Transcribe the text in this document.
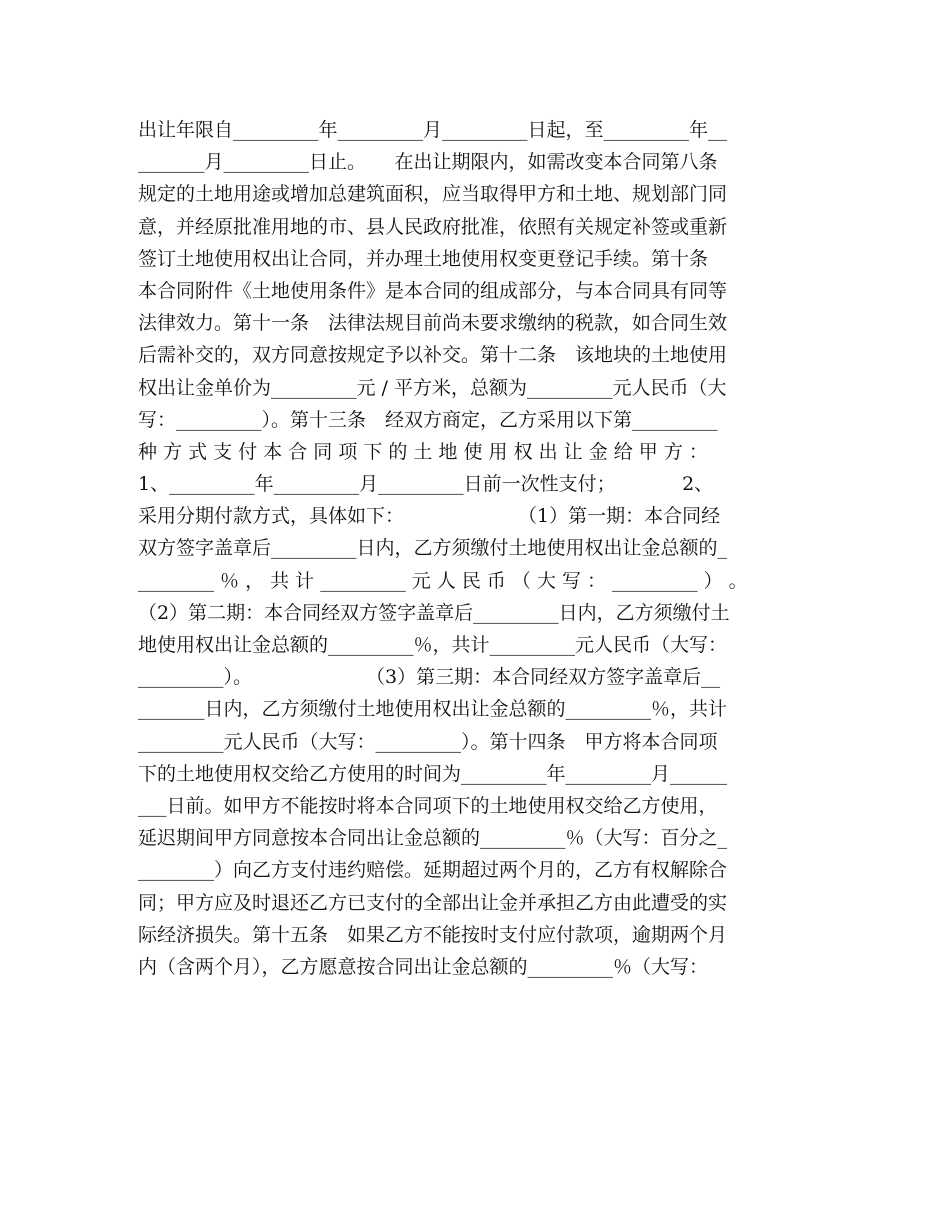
出让年限自_________年_________月_________日起，至_________年__
_______月_________日止。　　在出让期限内，如需改变本合同第八条
规定的土地用途或增加总建筑面积，应当取得甲方和土地、规划部门同
意，并经原批准用地的市、县人民政府批准，依照有关规定补签或重新
签订土地使用权出让合同，并办理土地使用权变更登记手续。第十条
本合同附件《土地使用条件》是本合同的组成部分，与本合同具有同等
法律效力。第十一条　法律法规目前尚未要求缴纳的税款，如合同生效
后需补交的，双方同意按规定予以补交。第十二条　该地块的土地使用
权出让金单价为_________元 / 平方米，总额为_________元人民币（大
写：_________）。第十三条　经双方商定，乙方采用以下第_________
种 方 式 支 付 本 合 同 项 下 的 土 地 使 用 权 出 让 金 给 甲 方 ：
1、_________年_________月_________日前一次性支付；　　　　2、
采用分期付款方式，具体如下：　　　　　　　（1）第一期：本合同经
双方签字盖章后_________日内，乙方须缴付土地使用权出让金总额的_
________ ％ ， 共 计 _________ 元 人 民 币 （ 大 写 ： _________ ） 。
（2）第二期：本合同经双方签字盖章后_________日内，乙方须缴付土
地使用权出让金总额的_________％，共计_________元人民币（大写：
_________）。　　　　　　　（3）第三期：本合同经双方签字盖章后__
_______日内，乙方须缴付土地使用权出让金总额的_________％，共计
_________元人民币（大写：_________）。第十四条　甲方将本合同项
下的土地使用权交给乙方使用的时间为_________年_________月______
___日前。如甲方不能按时将本合同项下的土地使用权交给乙方使用，
延迟期间甲方同意按本合同出让金总额的_________％（大写：百分之_
________）向乙方支付违约赔偿。延期超过两个月的，乙方有权解除合
同；甲方应及时退还乙方已支付的全部出让金并承担乙方由此遭受的实
际经济损失。第十五条　如果乙方不能按时支付应付款项，逾期两个月
内（含两个月），乙方愿意按合同出让金总额的_________％（大写：
